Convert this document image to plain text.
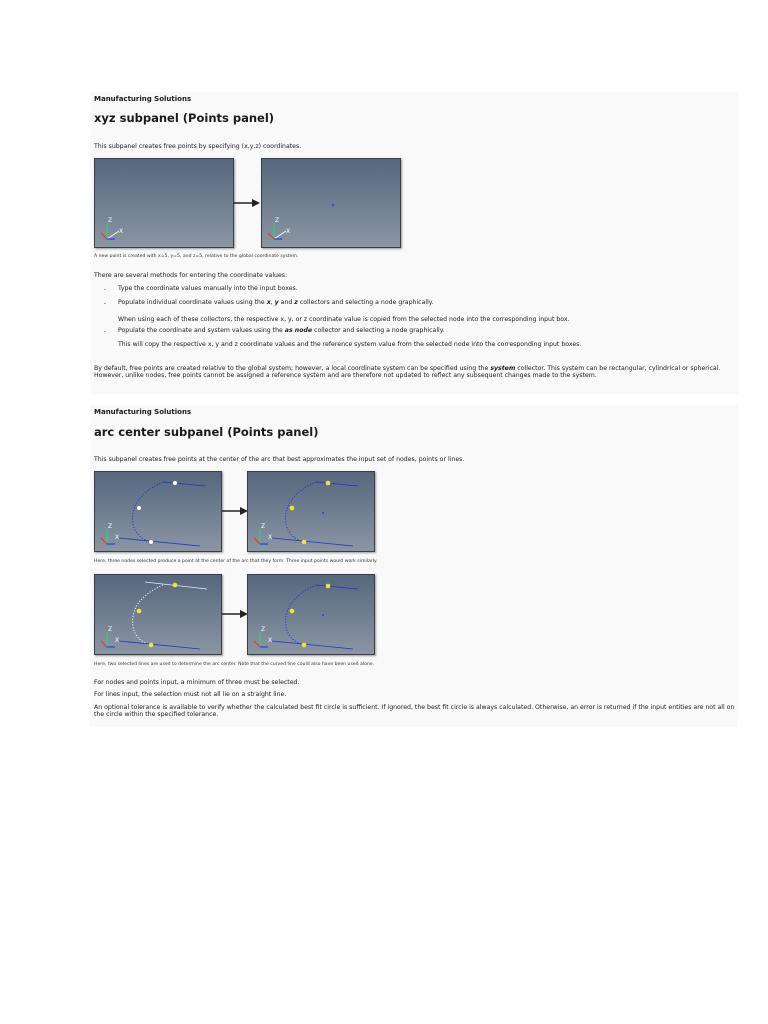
Manufacturing Solutions
xyz subpanel (Points panel)
This subpanel creates free points by specifying (x,y,z) coordinates.
Z
X
Y
Z
X
Y
A new point is created with x=5, y=5, and z=5, relative to the global coordinate system.
There are several methods for entering the coordinate values:
- Type the coordinate values manually into the input boxes.
- Populate individual coordinate values using the x, y and z collectors and selecting a node graphically.
When using each of these collectors, the respective x, y, or z coordinate value is copied from the selected node into the corresponding input box.
- Populate the coordinate and system values using the as node collector and selecting a node graphically.
This will copy the respective x, y and z coordinate values and the reference system value from the selected node into the corresponding input boxes.
By default, free points are created relative to the global system; however, a local coordinate system can be specified using the system collector. This system can be rectangular, cylindrical or spherical. However, unlike nodes, free points cannot be assigned a reference system and are therefore not updated to reflect any subsequent changes made to the system.
Manufacturing Solutions
arc center subpanel (Points panel)
This subpanel creates free points at the center of the arc that best approximates the input set of nodes, points or lines.
Z
X
Y
Z
X
Y
Here, three nodes selected produce a point at the center of the arc that they form. Three input points would work similarly.
Z
X
Y
Z
X
Y
Here, two selected lines are used to determine the arc center. Note that the curved line could also have been used alone.
For nodes and points input, a minimum of three must be selected.
For lines input, the selection must not all lie on a straight line.
An optional tolerance is available to verify whether the calculated best fit circle is sufficient. If ignored, the best fit circle is always calculated. Otherwise, an error is returned if the input entities are not all on the circle within the specified tolerance.
